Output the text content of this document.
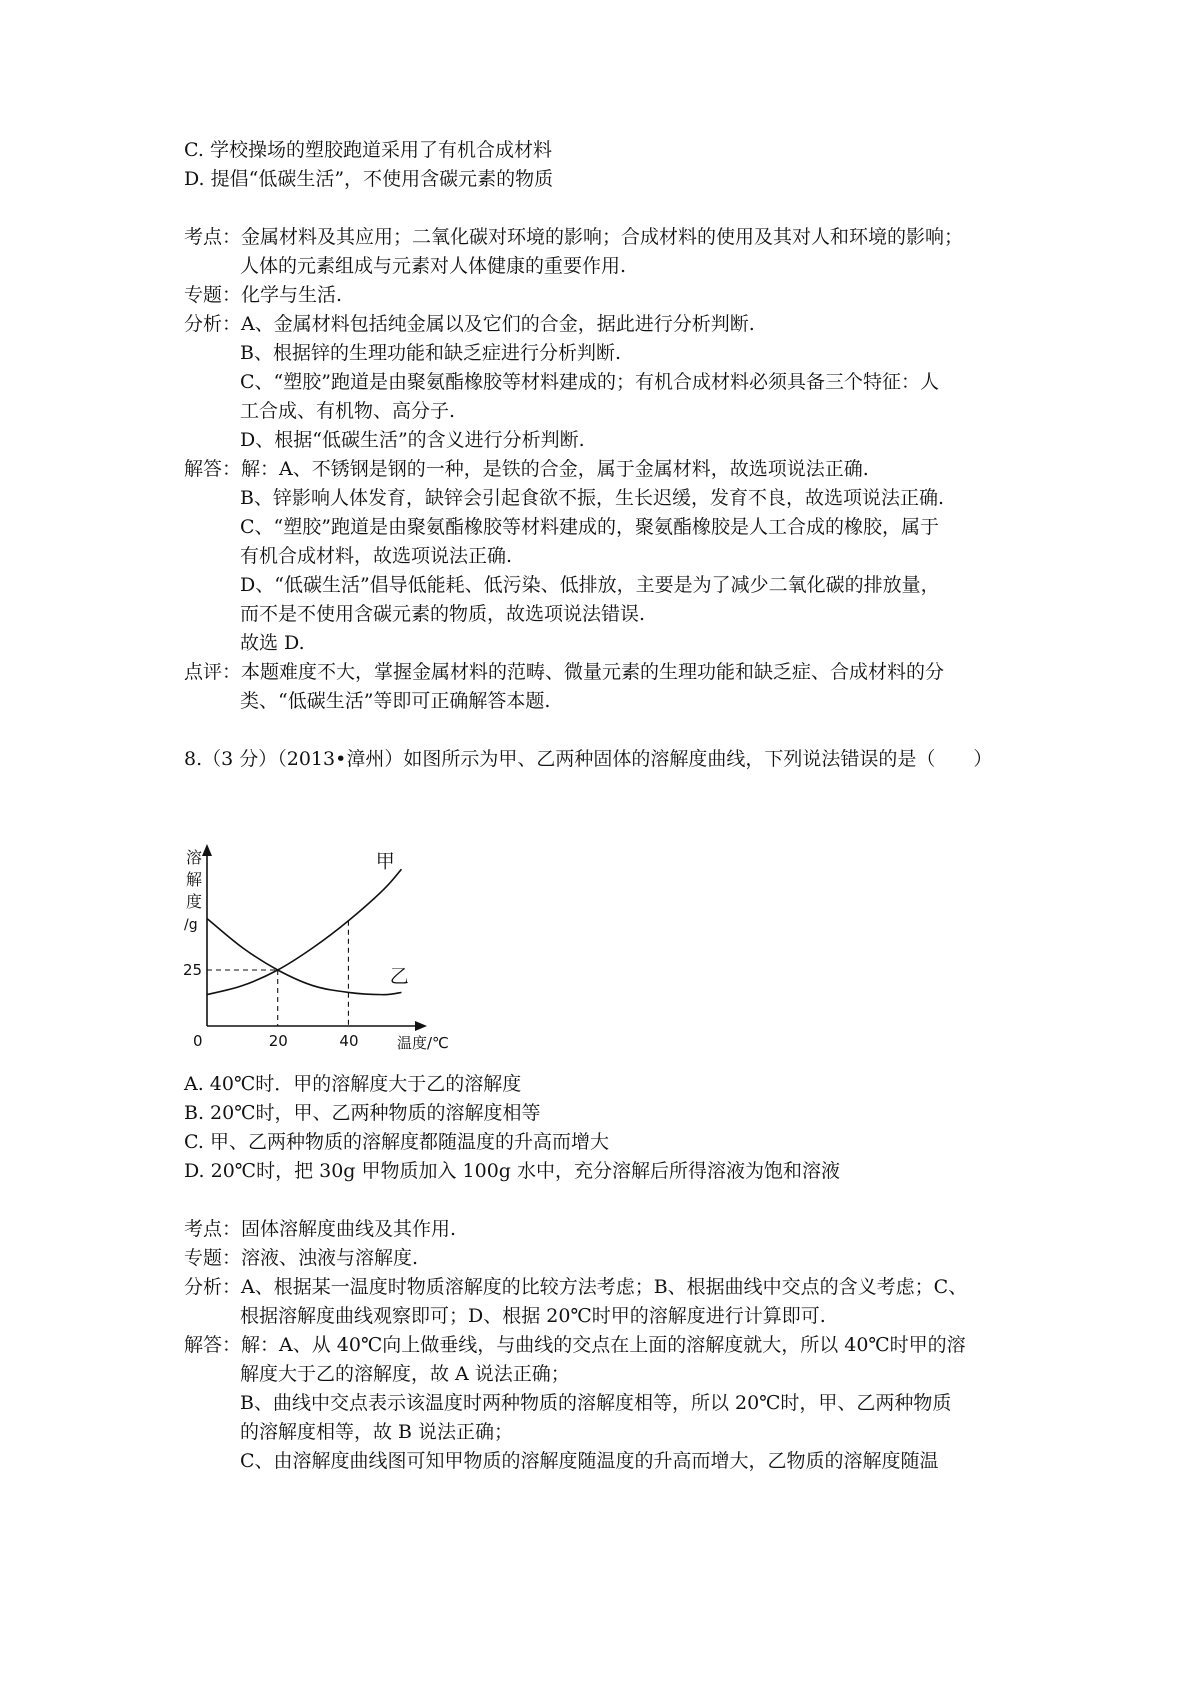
C. 学校操场的塑胶跑道采用了有机合成材料
D. 提倡“低碳生活”，不使用含碳元素的物质
考点：金属材料及其应用；二氧化碳对环境的影响；合成材料的使用及其对人和环境的影响；
人体的元素组成与元素对人体健康的重要作用.
专题：化学与生活.
分析：A、金属材料包括纯金属以及它们的合金，据此进行分析判断.
B、根据锌的生理功能和缺乏症进行分析判断.
C、“塑胶”跑道是由聚氨酯橡胶等材料建成的；有机合成材料必须具备三个特征：人
工合成、有机物、高分子.
D、根据“低碳生活”的含义进行分析判断.
解答：解：A、不锈钢是钢的一种，是铁的合金，属于金属材料，故选项说法正确.
B、锌影响人体发育，缺锌会引起食欲不振，生长迟缓，发育不良，故选项说法正确.
C、“塑胶”跑道是由聚氨酯橡胶等材料建成的，聚氨酯橡胶是人工合成的橡胶，属于
有机合成材料，故选项说法正确.
D、“低碳生活”倡导低能耗、低污染、低排放，主要是为了减少二氧化碳的排放量，
而不是不使用含碳元素的物质，故选项说法错误.
故选 D.
点评：本题难度不大，掌握金属材料的范畴、微量元素的生理功能和缺乏症、合成材料的分
类、“低碳生活”等即可正确解答本题.
8.（3 分）（2013•漳州）如图所示为甲、乙两种固体的溶解度曲线，下列说法错误的是（　　）
溶
解
度
/g
0	20	40
25
温度/℃
甲
乙
A. 40℃时．甲的溶解度大于乙的溶解度
B. 20℃时，甲、乙两种物质的溶解度相等
C. 甲、乙两种物质的溶解度都随温度的升高而增大
D. 20℃时，把 30g 甲物质加入 100g 水中，充分溶解后所得溶液为饱和溶液
考点：固体溶解度曲线及其作用.
专题：溶液、浊液与溶解度.
分析：A、根据某一温度时物质溶解度的比较方法考虑；B、根据曲线中交点的含义考虑；C、
根据溶解度曲线观察即可；D、根据 20℃时甲的溶解度进行计算即可.
解答：解：A、从 40℃向上做垂线，与曲线的交点在上面的溶解度就大，所以 40℃时甲的溶
解度大于乙的溶解度，故 A 说法正确；
B、曲线中交点表示该温度时两种物质的溶解度相等，所以 20℃时，甲、乙两种物质
的溶解度相等，故 B 说法正确；
C、由溶解度曲线图可知甲物质的溶解度随温度的升高而增大，乙物质的溶解度随温
